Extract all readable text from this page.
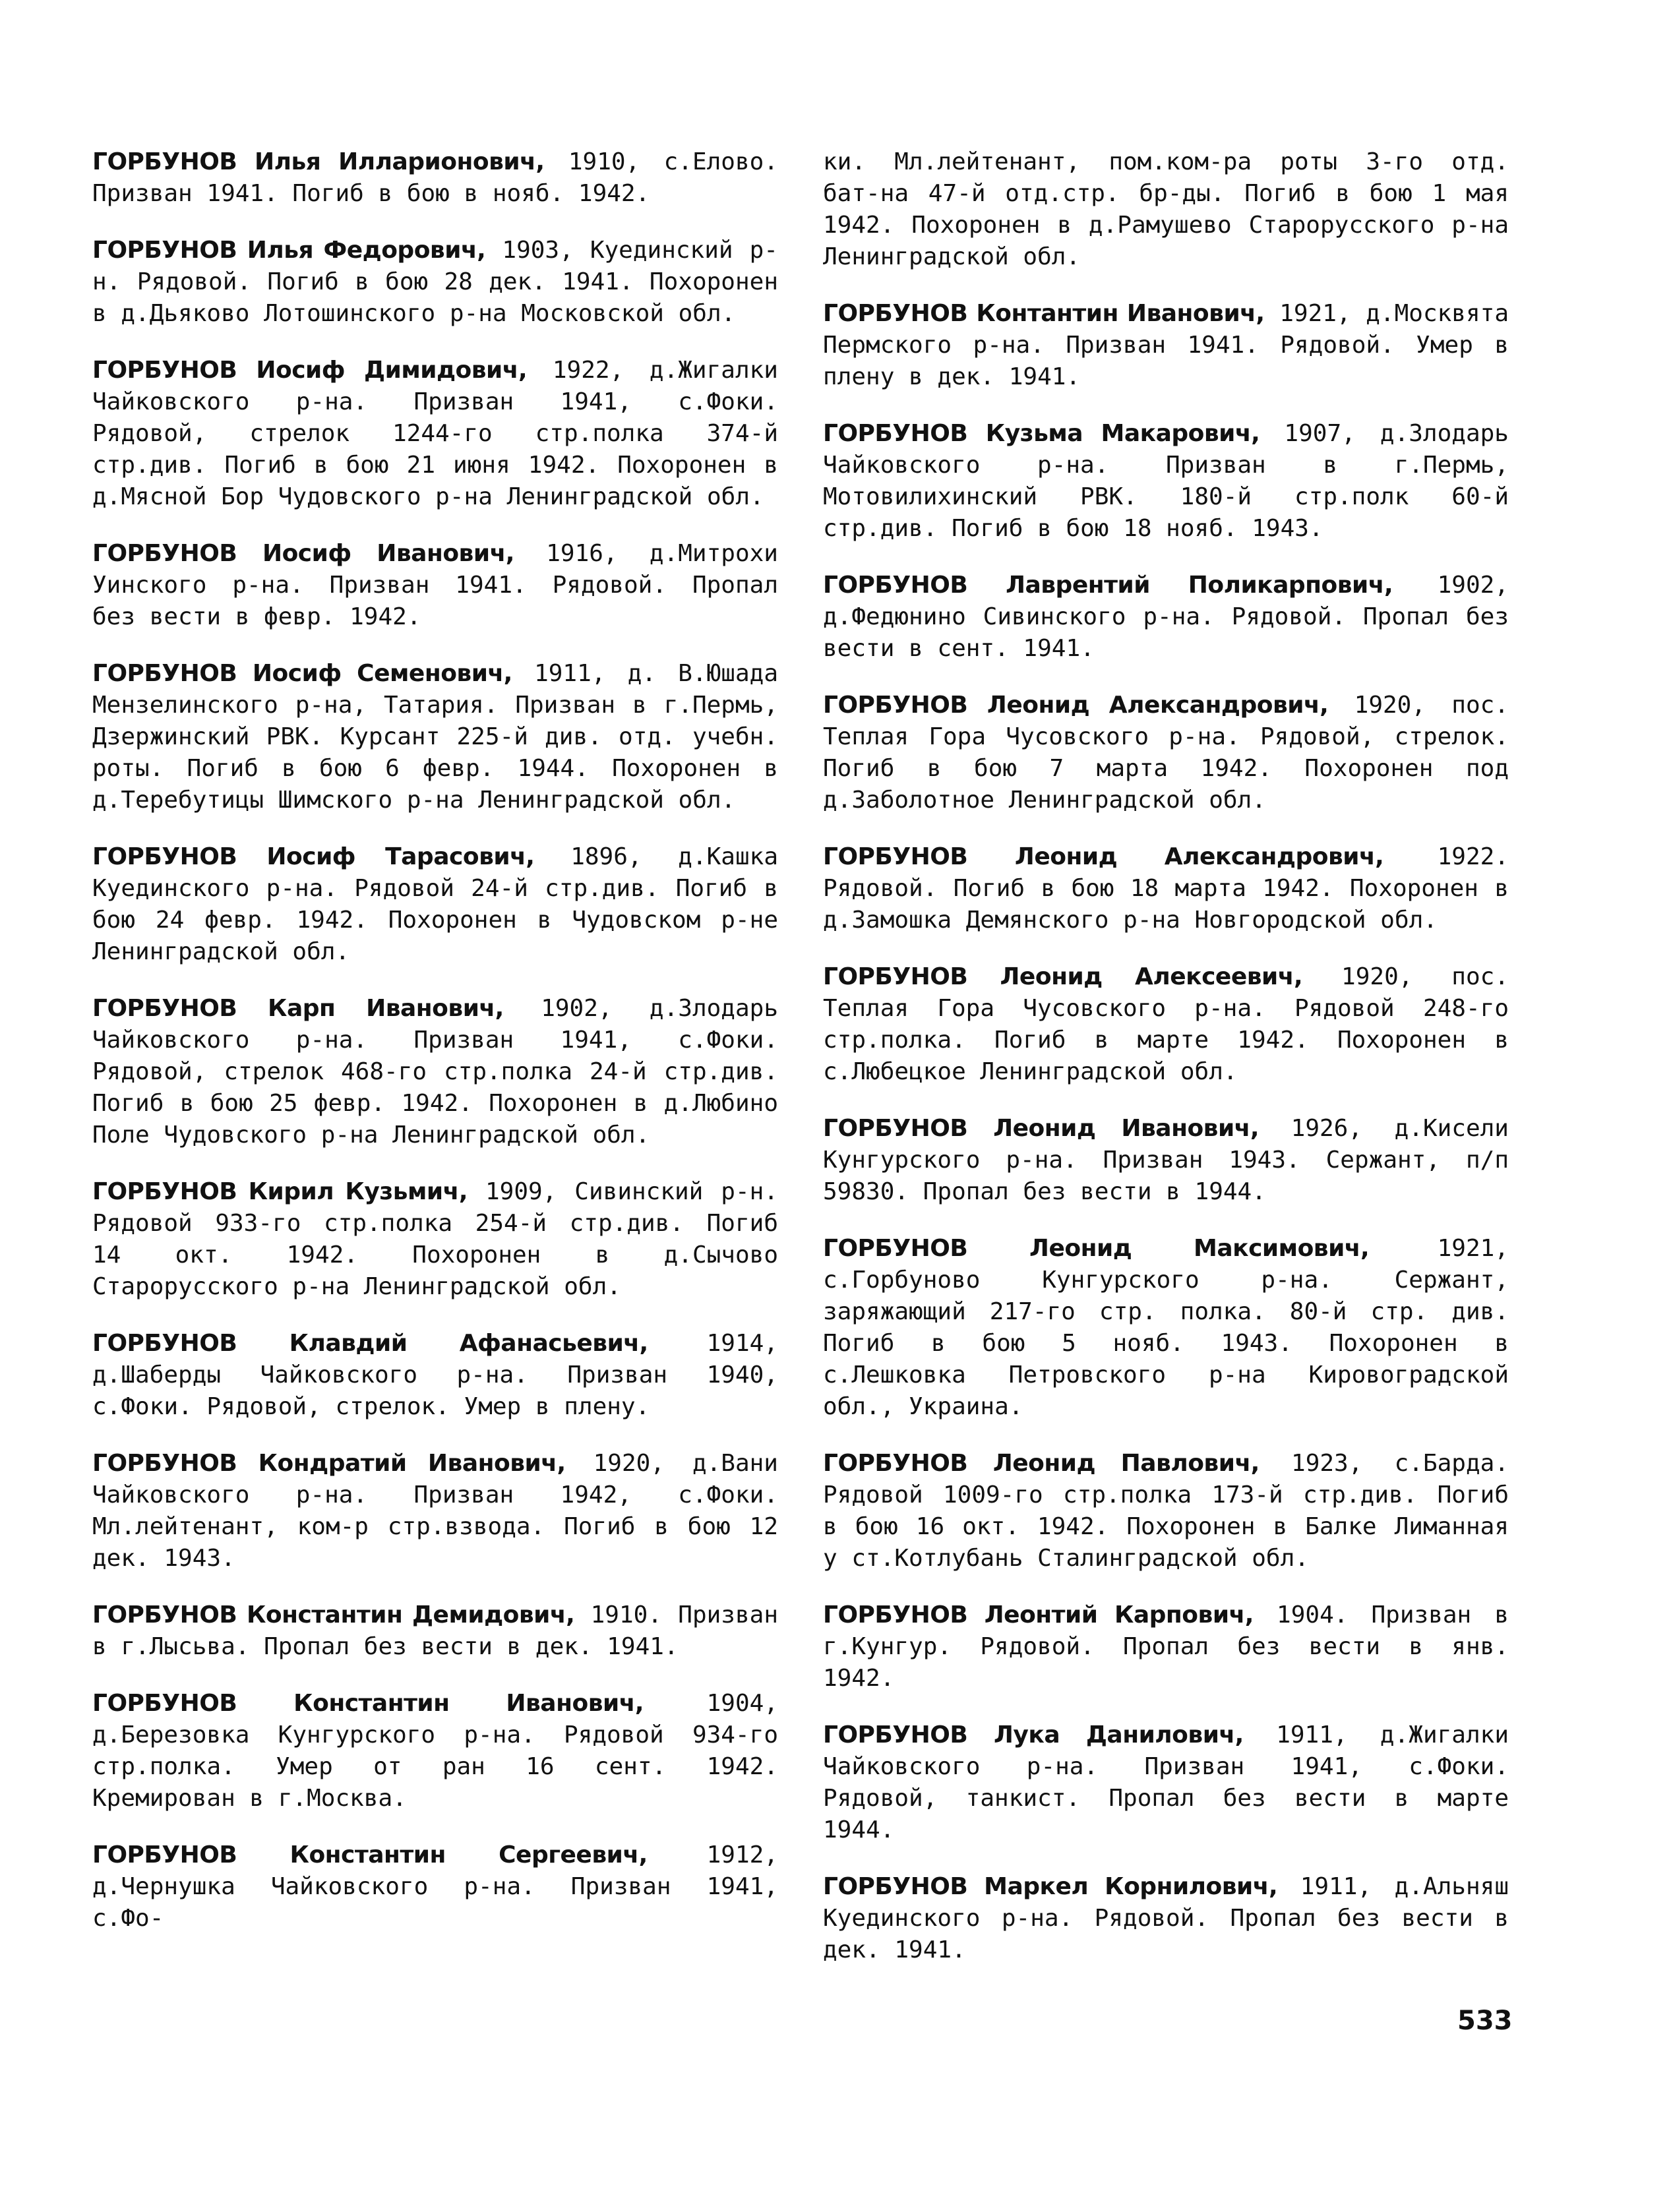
ГОРБУНОВ Илья Илларионович, 1910, с.Елово. Призван 1941. Погиб в бою в нояб. 1942.

ГОРБУНОВ Илья Федорович, 1903, Куединский р-н. Рядовой. Погиб в бою 28 дек. 1941. Похоронен в д.Дьяково Лотошинского р-на Московской обл.

ГОРБУНОВ Иосиф Димидович, 1922, д.Жигалки Чайковского р-на. Призван 1941, с.Фоки. Рядовой, стрелок 1244-го стр.полка 374-й стр.див. Погиб в бою 21 июня 1942. Похоронен в д.Мясной Бор Чудовского р-на Ленинградской обл.

ГОРБУНОВ Иосиф Иванович, 1916, д.Митрохи Уинского р-на. Призван 1941. Рядовой. Пропал без вести в февр. 1942.

ГОРБУНОВ Иосиф Семенович, 1911, д. В.Юшада Мензелинского р-на, Татария. Призван в г.Пермь, Дзержинский РВК. Курсант 225-й див. отд. учебн. роты. Погиб в бою 6 февр. 1944. Похоронен в д.Теребутицы Шимского р-на Ленинградской обл.

ГОРБУНОВ Иосиф Тарасович, 1896, д.Кашка Куединского р-на. Рядовой 24-й стр.див. Погиб в бою 24 февр. 1942. Похоронен в Чудовском р-не Ленинградской обл.

ГОРБУНОВ Карп Иванович, 1902, д.Злодарь Чайковского р-на. Призван 1941, с.Фоки. Рядовой, стрелок 468-го стр.полка 24-й стр.див. Погиб в бою 25 февр. 1942. Похоронен в д.Любино Поле Чудовского р-на Ленинградской обл.

ГОРБУНОВ Кирил Кузьмич, 1909, Сивинский р-н. Рядовой 933-го стр.полка 254-й стр.див. Погиб 14 окт. 1942. Похоронен в д.Сычово Старорусского р-на Ленинградской обл.

ГОРБУНОВ Клавдий Афанасьевич, 1914, д.Шаберды Чайковского р-на. Призван 1940, с.Фоки. Рядовой, стрелок. Умер в плену.

ГОРБУНОВ Кондратий Иванович, 1920, д.Вани Чайковского р-на. Призван 1942, с.Фоки. Мл.лейтенант, ком-р стр.взвода. Погиб в бою 12 дек. 1943.

ГОРБУНОВ Константин Демидович, 1910. Призван в г.Лысьва. Пропал без вести в дек. 1941.

ГОРБУНОВ Константин Иванович,	1904, д.Березовка Кунгурского р-на. Рядовой 934-го стр.полка. Умер от ран 16 сент. 1942. Кремирован в г.Москва.

ГОРБУНОВ Константин Сергеевич, 1912, д.Чернушка Чайковского р-на. Призван 1941, с.Фо-

ки. Мл.лейтенант, пом.ком-ра роты 3-го отд. бат-на 47-й отд.стр. бр-ды. Погиб в бою 1 мая 1942. Похоронен в д.Рамушево Старорусского р-на Ленинградской обл.

ГОРБУНОВ Контантин Иванович, 1921, д.Москвята Пермского р-на. Призван 1941. Рядовой. Умер в плену в дек. 1941.

ГОРБУНОВ Кузьма Макарович, 1907, д.Злодарь Чайковского р-на. Призван в г.Пермь, Мотовилихинский РВК. 180-й стр.полк 60-й стр.див. Погиб в бою 18 нояб. 1943.

ГОРБУНОВ Лаврентий Поликарпович, 1902, д.Федюнино Сивинского р-на. Рядовой. Пропал без вести в сент. 1941.

ГОРБУНОВ Леонид Александрович, 1920, пос. Теплая Гора Чусовского р-на. Рядовой, стрелок. Погиб в бою 7 марта 1942. Похоронен под д.Заболотное Ленинградской обл.

ГОРБУНОВ Леонид Александрович, 1922. Рядовой. Погиб в бою 18 марта 1942. Похоронен в д.Замошка Демянского р-на Новгородской обл.

ГОРБУНОВ Леонид Алексеевич, 1920, пос. Теплая Гора Чусовского р-на. Рядовой 248-го стр.полка. Погиб в марте 1942. Похоронен в с.Любецкое Ленинградской обл.

ГОРБУНОВ Леонид Иванович, 1926, д.Кисели Кунгурского р-на. Призван 1943. Сержант, п/п 59830. Пропал без вести в 1944.

ГОРБУНОВ Леонид Максимович,	1921, с.Горбуново Кунгурского р-на. Сержант, заряжающий 217-го стр. полка. 80-й стр. див. Погиб в бою 5 нояб. 1943. Похоронен в с.Лешковка Петровского р-на Кировоградской обл., Украина.

ГОРБУНОВ Леонид Павлович, 1923, с.Барда. Рядовой 1009-го стр.полка 173-й стр.див. Погиб в бою 16 окт. 1942. Похоронен в Балке Лиманная у ст.Котлубань Сталинградской обл.

ГОРБУНОВ Леонтий Карпович, 1904. Призван в г.Кунгур. Рядовой. Пропал без вести в янв. 1942.

ГОРБУНОВ Лука Данилович, 1911, д.Жигалки Чайковского р-на. Призван 1941, с.Фоки. Рядовой, танкист. Пропал без вести в марте 1944.

ГОРБУНОВ Маркел Корнилович, 1911, д.Альняш Куединского р-на. Рядовой. Пропал без вести в дек. 1941.

533
